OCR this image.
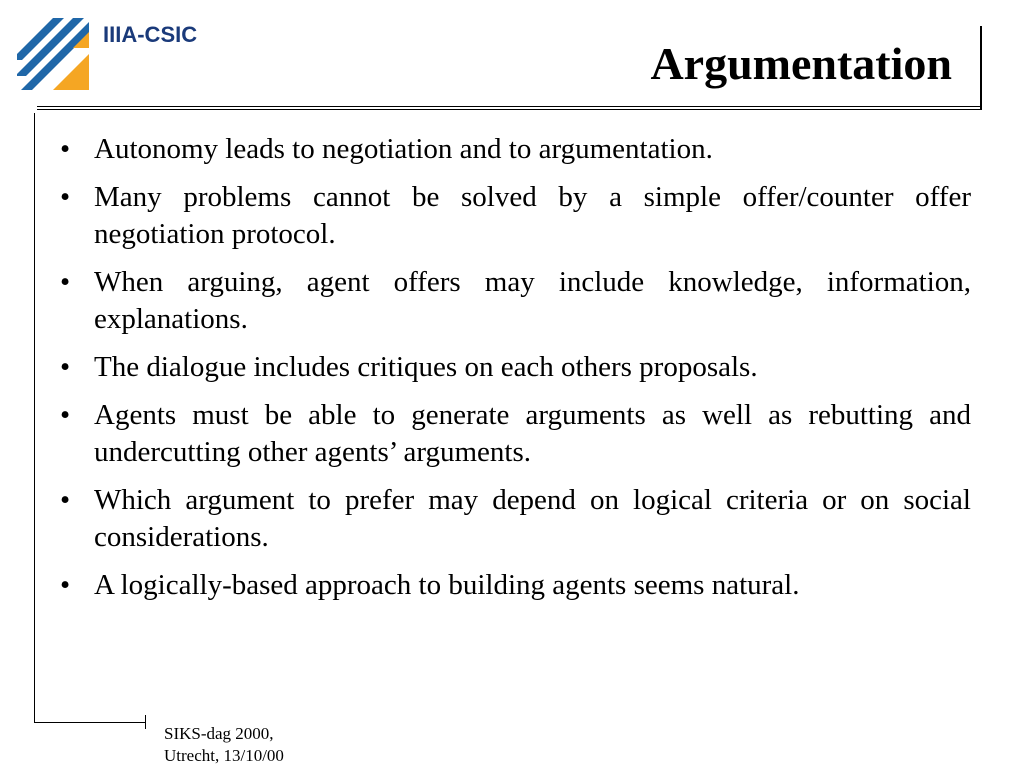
IIIA-CSIC
Argumentation
• Autonomy leads to negotiation and to argumentation.
• Many problems cannot be solved by a simple offer/counter offer negotiation protocol.
• When arguing, agent offers may include knowledge, information, explanations.
• The dialogue includes critiques on each others proposals.
• Agents must be able to generate arguments as well as rebutting and undercutting other agents’ arguments.
• Which argument to prefer may depend on logical criteria or on social considerations.
• A logically-based approach to building agents seems natural.
SIKS-dag 2000,
Utrecht, 13/10/00
